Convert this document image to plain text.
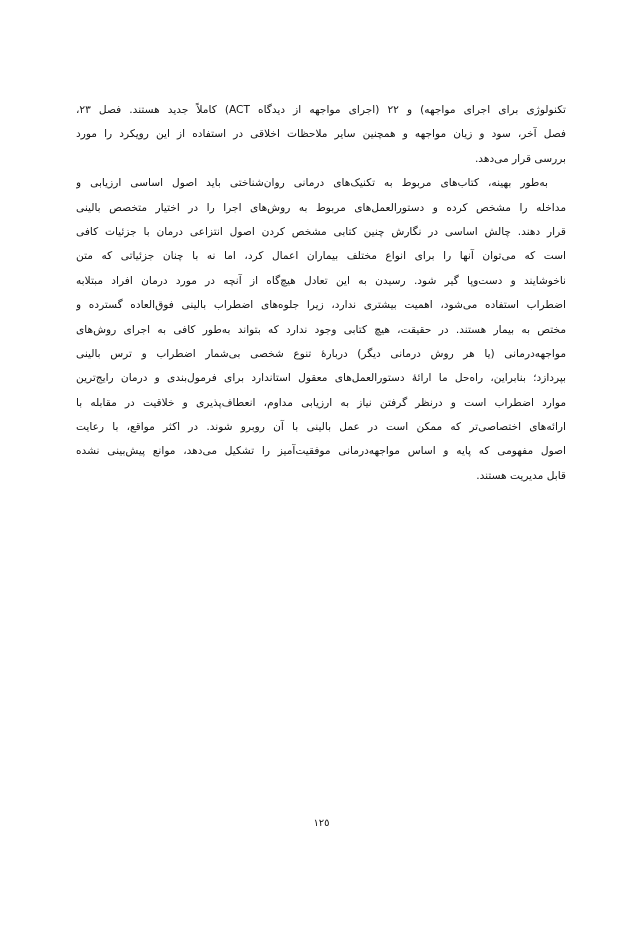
تکنولوژی برای اجرای مواجهه) و ۲۲ (اجرای مواجهه از دیدگاه ACT) کاملاً جدید هستند. فصل ۲۳،
فصل آخر، سود و زیان مواجهه و همچنین سایر ملاحظات اخلاقی در استفاده از این رویکرد را مورد
بررسی قرار می‌دهد.
به‌طور بهینه، کتاب‌های مربوط به تکنیک‌های درمانی روان‌شناختی باید اصول اساسی ارزیابی و
مداخله را مشخص کرده و دستورالعمل‌های مربوط به روش‌های اجرا را در اختیار متخصص بالینی
قرار دهند. چالش اساسی در نگارش چنین کتابی مشخص کردن اصول انتزاعی درمان با جزئیات کافی
است که می‌توان آنها را برای انواع مختلف بیماران اعمال کرد، اما نه با چنان جزئیاتی که متن
ناخوشایند و دست‌وپا گیر شود. رسیدن به این تعادل هیچ‌گاه از آنچه در مورد درمان افراد مبتلابه
اضطراب استفاده می‌شود، اهمیت بیشتری ندارد، زیرا جلوه‌های اضطراب بالینی فوق‌العاده گسترده و
مختص به بیمار هستند. در حقیقت، هیچ کتابی وجود ندارد که بتواند به‌طور کافی به اجرای روش‌های
مواجهه‌درمانی (یا هر روش درمانی دیگر) دربارهٔ تنوع شخصی بی‌شمار اضطراب و ترس بالینی
بپردازد؛ بنابراین، راه‌حل ما ارائهٔ دستورالعمل‌های معقول استاندارد برای فرمول‌بندی و درمان رایج‌ترین
موارد اضطراب است و درنظر گرفتن نیاز به ارزیابی مداوم، انعطاف‌پذیری و خلاقیت در مقابله با
ارائه‌های اختصاصی‌تر که ممکن است در عمل بالینی با آن روبرو شوند. در اکثر مواقع، با رعایت
اصول مفهومی که پایه و اساس مواجهه‌درمانی موفقیت‌آمیز را تشکیل می‌دهد، موانع پیش‌بینی نشده
قابل مدیریت هستند.
۱۲٥
